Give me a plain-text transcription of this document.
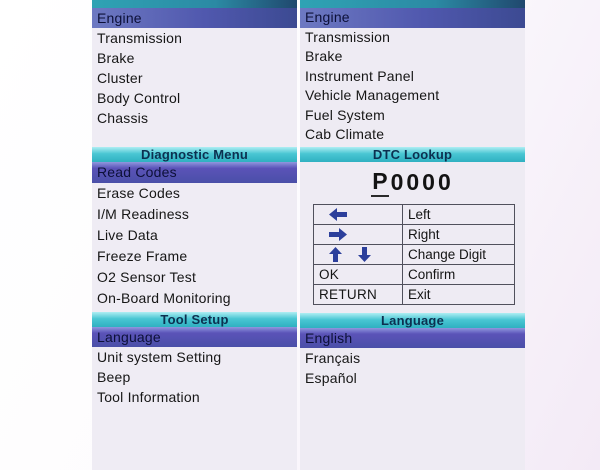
Engine
Transmission
Brake
Cluster
Body Control
Chassis
Diagnostic Menu
Read Codes
Erase Codes
I/M Readiness
Live Data
Freeze Frame
O2 Sensor Test
On-Board Monitoring
Tool Setup
Language
Unit system Setting
Beep
Tool Information
Engine
Transmission
Brake
Instrument Panel
Vehicle Management
Fuel System
Cab Climate
DTC Lookup
P 0000
	Left

	Right

	Change Digit
OK	Confirm
RETURN	Exit
Language
English
Français
Español
